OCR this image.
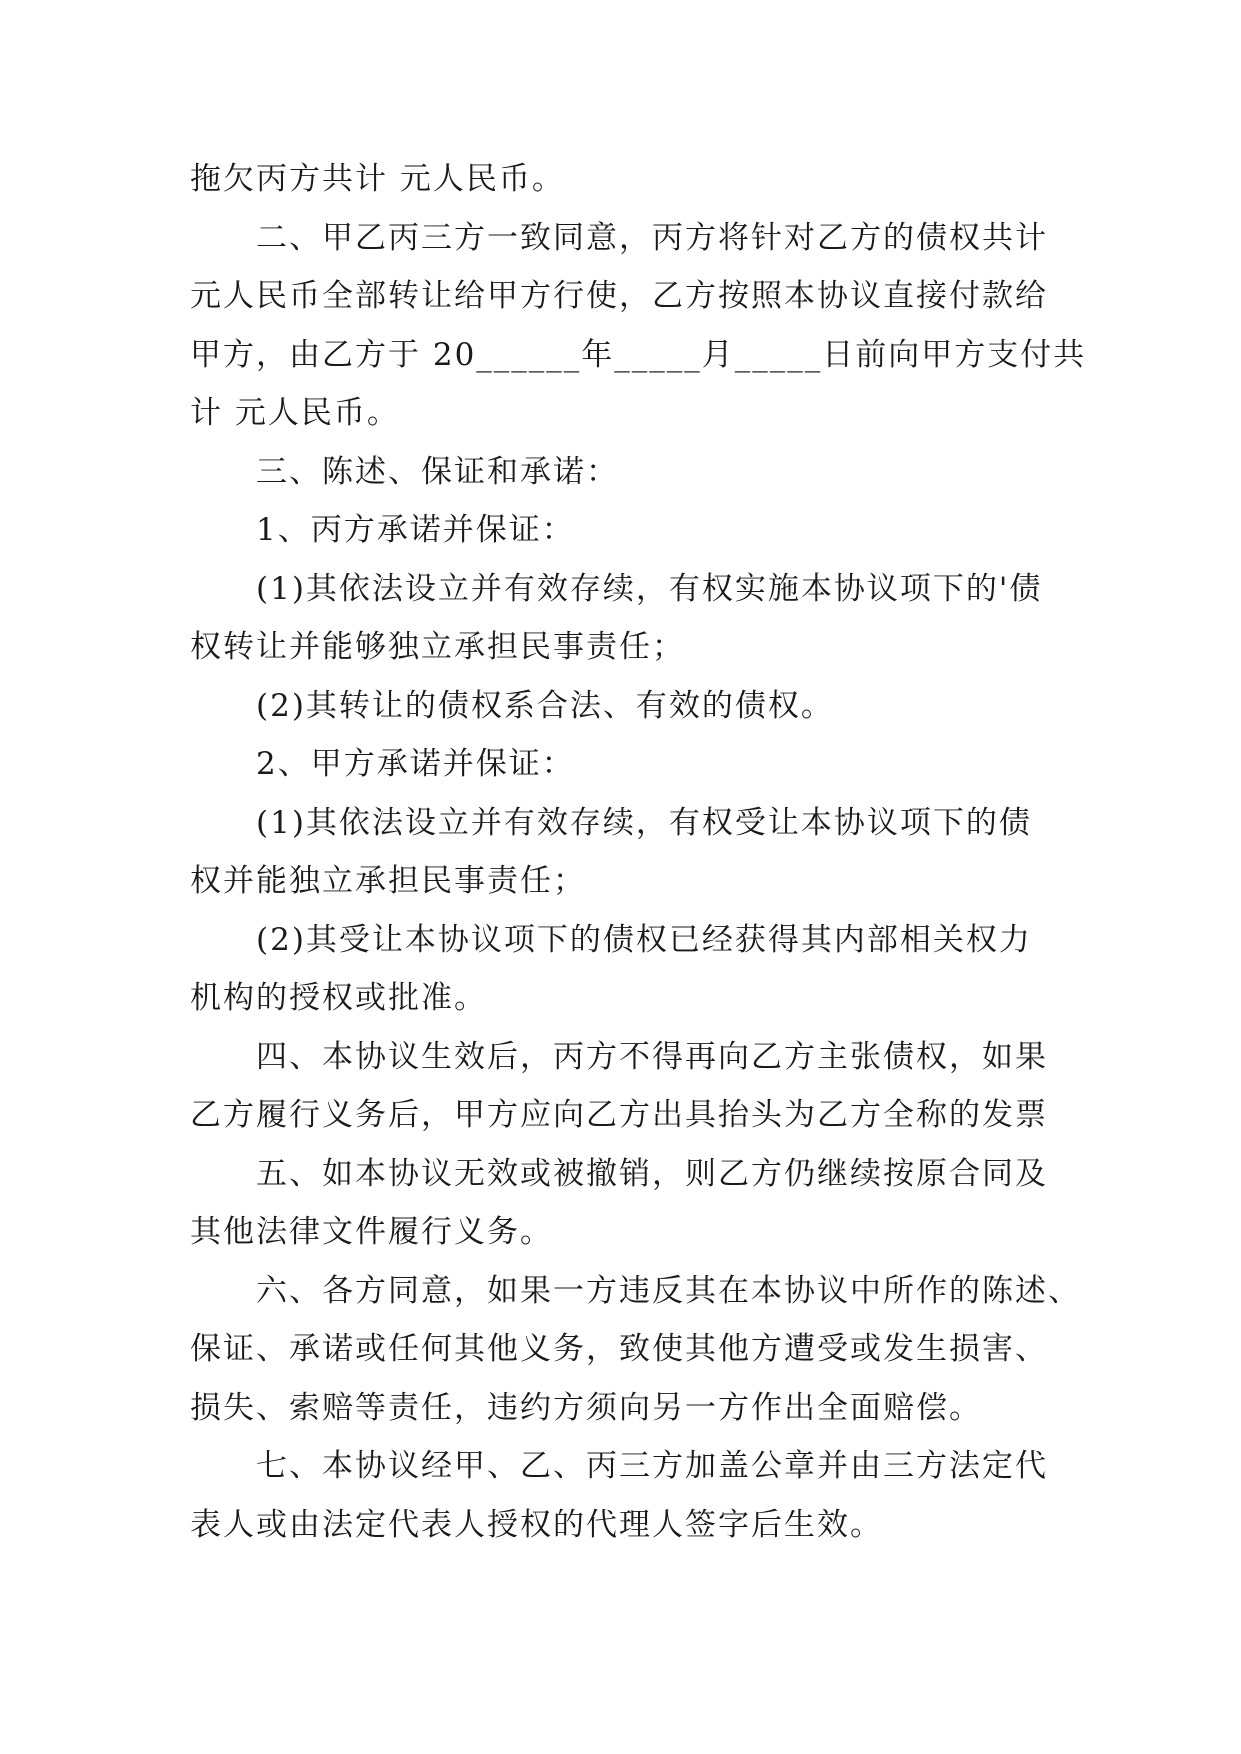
拖欠丙方共计 元人民币。
二、甲乙丙三方一致同意，丙方将针对乙方的债权共计
元人民币全部转让给甲方行使，乙方按照本协议直接付款给
甲方，由乙方于 20______年_____月_____日前向甲方支付共
计 元人民币。
三、陈述、保证和承诺：
1、丙方承诺并保证：
(1)其依法设立并有效存续，有权实施本协议项下的'债
权转让并能够独立承担民事责任；
(2)其转让的债权系合法、有效的债权。
2、甲方承诺并保证：
(1)其依法设立并有效存续，有权受让本协议项下的债
权并能独立承担民事责任；
(2)其受让本协议项下的债权已经获得其内部相关权力
机构的授权或批准。
四、本协议生效后，丙方不得再向乙方主张债权，如果
乙方履行义务后，甲方应向乙方出具抬头为乙方全称的发票
五、如本协议无效或被撤销，则乙方仍继续按原合同及
其他法律文件履行义务。
六、各方同意，如果一方违反其在本协议中所作的陈述、
保证、承诺或任何其他义务，致使其他方遭受或发生损害、
损失、索赔等责任，违约方须向另一方作出全面赔偿。
七、本协议经甲、乙、丙三方加盖公章并由三方法定代
表人或由法定代表人授权的代理人签字后生效。
